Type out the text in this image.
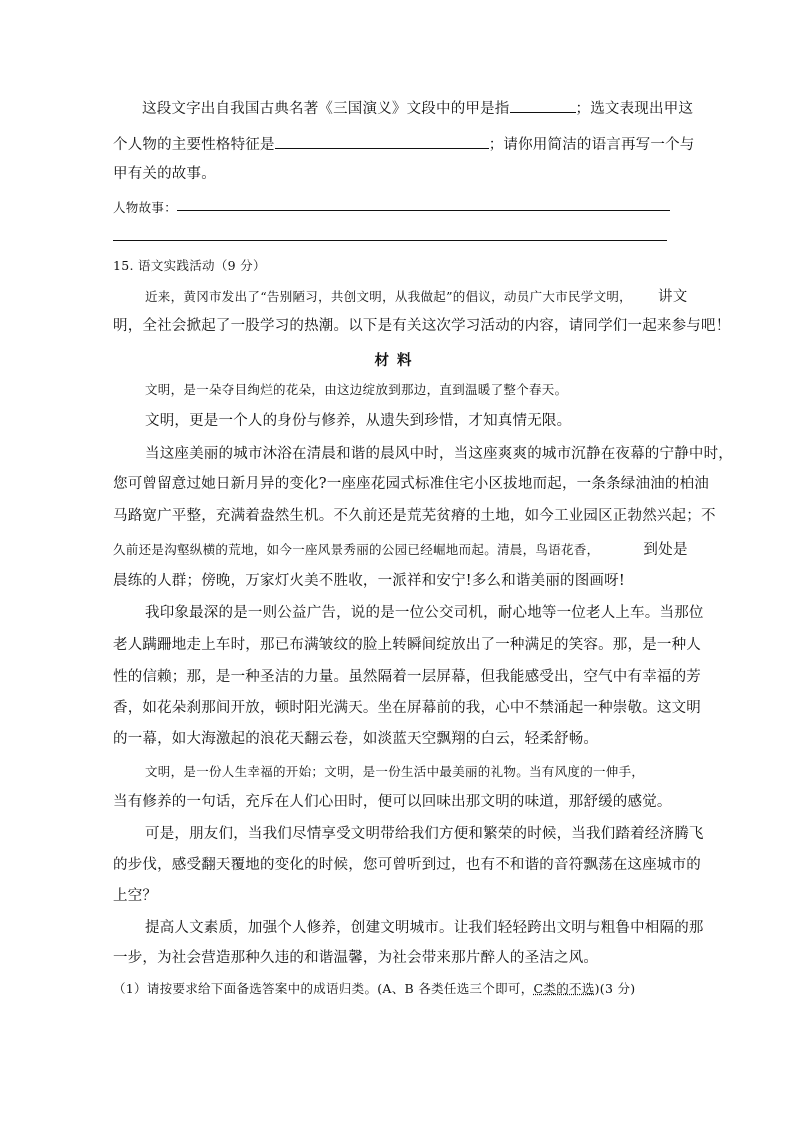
这段文字出自我国古典名著《三国演义》文段中的甲是指	；选文表现出甲这
个人物的主要性格特征是	；请你用简洁的语言再写一个与
甲有关的故事。
人物故事：
15. 语文实践活动（9 分）
近来，黄冈市发出了“告别陋习，共创文明，从我做起”的倡议，动员广大市民学文明， 讲文
明，全社会掀起了一股学习的热潮。以下是有关这次学习活动的内容，请同学们一起来参与吧！
材料
文明，是一朵夺目绚烂的花朵，由这边绽放到那边，直到温暖了整个春天。
文明，更是一个人的身份与修养，从遗失到珍惜，才知真情无限。
当这座美丽的城市沐浴在清晨和谐的晨风中时，当这座爽爽的城市沉静在夜幕的宁静中时，
您可曾留意过她日新月异的变化?一座座花园式标准住宅小区拔地而起，一条条绿油油的柏油
马路宽广平整，充满着盎然生机。不久前还是荒芜贫瘠的土地，如今工业园区正勃然兴起；不
久前还是沟壑纵横的荒地，如今一座风景秀丽的公园已经崛地而起。清晨，鸟语花香，	到处是
晨练的人群；傍晚，万家灯火美不胜收，一派祥和安宁!多么和谐美丽的图画呀!
我印象最深的是一则公益广告，说的是一位公交司机，耐心地等一位老人上车。当那位
老人蹒跚地走上车时，那已布满皱纹的脸上转瞬间绽放出了一种满足的笑容。那，是一种人
性的信赖；那，是一种圣洁的力量。虽然隔着一层屏幕，但我能感受出，空气中有幸福的芳
香，如花朵刹那间开放，顿时阳光满天。坐在屏幕前的我，心中不禁涌起一种崇敬。这文明
的一幕，如大海激起的浪花天翻云卷，如淡蓝天空飘翔的白云，轻柔舒畅。
文明，是一份人生幸福的开始；文明，是一份生活中最美丽的礼物。当有风度的一伸手，
当有修养的一句话，充斥在人们心田时，便可以回味出那文明的味道，那舒缓的感觉。
可是，朋友们，当我们尽情享受文明带给我们方便和繁荣的时候，当我们踏着经济腾飞
的步伐，感受翻天覆地的变化的时候，您可曾听到过，也有不和谐的音符飘荡在这座城市的
上空？
提高人文素质，加强个人修养，创建文明城市。让我们轻轻跨出文明与粗鲁中相隔的那
一步，为社会营造那种久违的和谐温馨，为社会带来那片醉人的圣洁之风。
（1）请按要求给下面备选答案中的成语归类。(A、B 各类任选三个即可，C类的不选)(3 分)
